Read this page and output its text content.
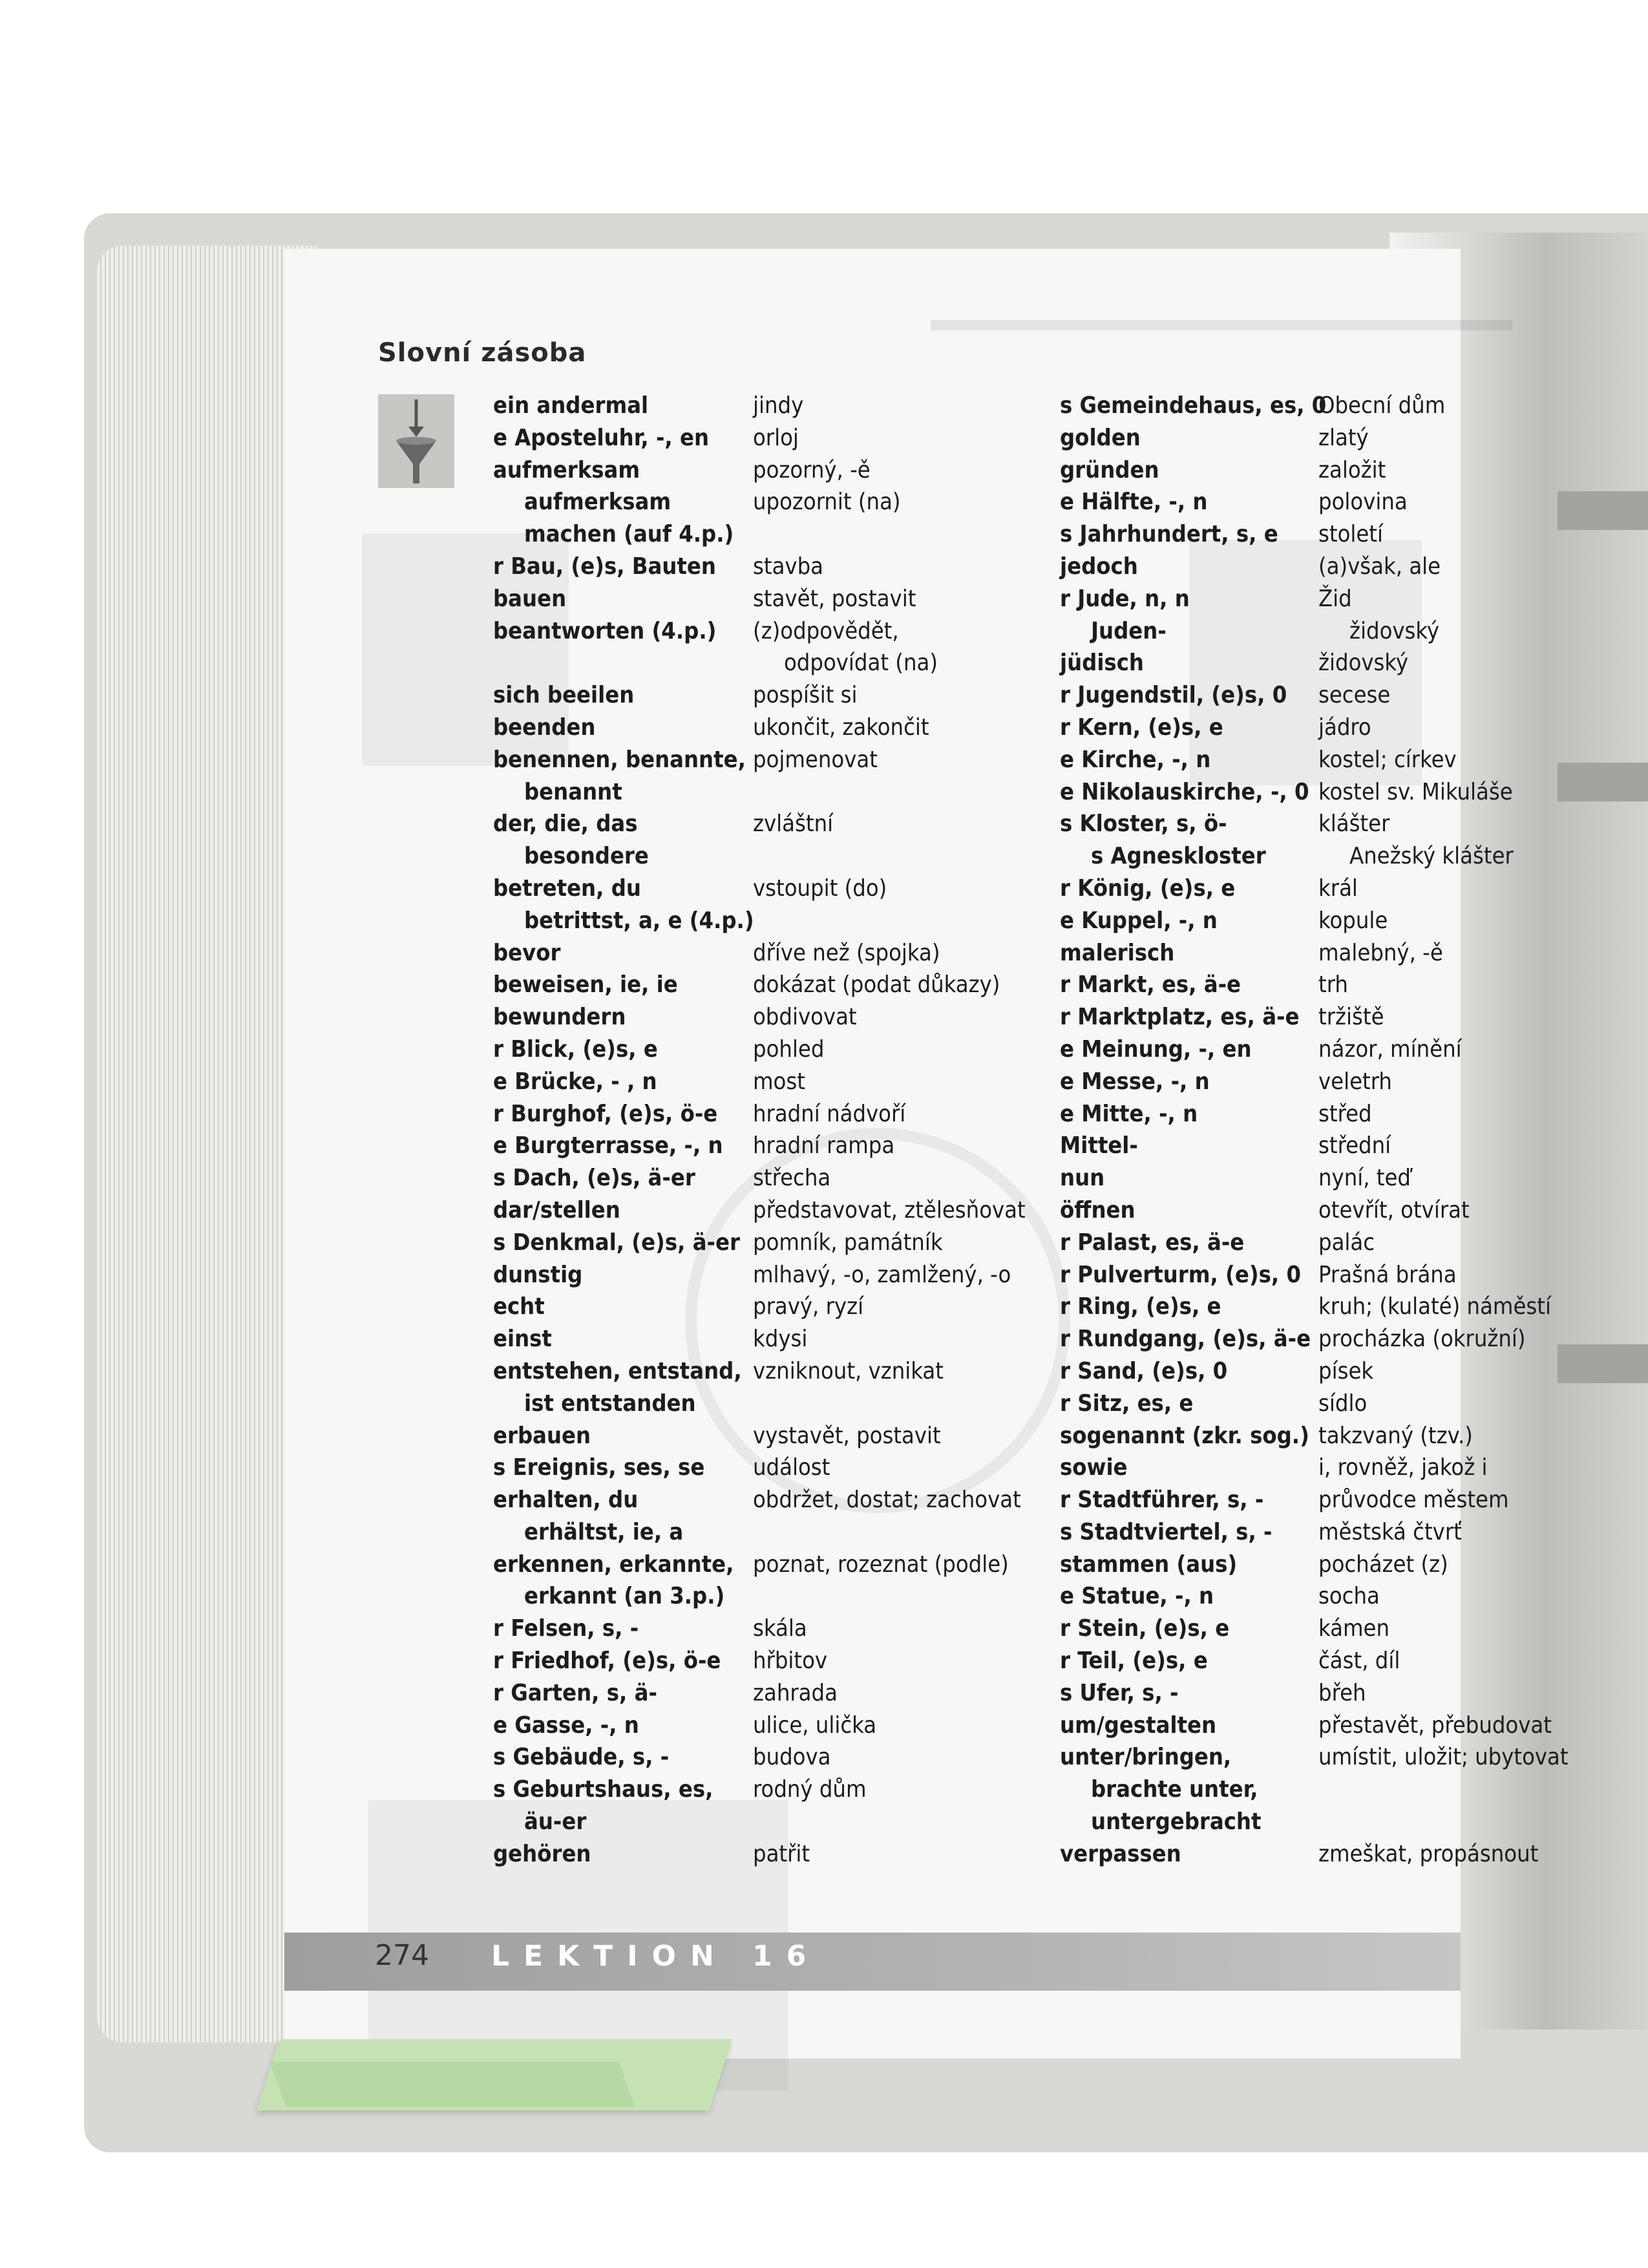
Slovní zásoba
ein andermal
e Aposteluhr, -, en
aufmerksam
aufmerksam
machen (auf 4.p.)
r Bau, (e)s, Bauten
bauen
beantworten (4.p.)
sich beeilen
beenden
benennen, benannte,
benannt
der, die, das
besondere
betreten, du
betrittst, a, e (4.p.)
bevor
beweisen, ie, ie
bewundern
r Blick, (e)s, e
e Brücke, - , n
r Burghof, (e)s, ö-e
e Burgterrasse, -, n
s Dach, (e)s, ä-er
dar/stellen
s Denkmal, (e)s, ä-er
dunstig
echt
einst
entstehen, entstand,
ist entstanden
erbauen
s Ereignis, ses, se
erhalten, du
erhältst, ie, a
erkennen, erkannte,
erkannt (an 3.p.)
r Felsen, s, -
r Friedhof, (e)s, ö-e
r Garten, s, ä-
e Gasse, -, n
s Gebäude, s, -
s Geburtshaus, es,
äu-er
gehören
jindy
orloj
pozorný, -ě
upozornit (na)
stavba
stavět, postavit
(z)odpovědět,
odpovídat (na)
pospíšit si
ukončit, zakončit
pojmenovat
zvláštní
vstoupit (do)
dříve než (spojka)
dokázat (podat důkazy)
obdivovat
pohled
most
hradní nádvoří
hradní rampa
střecha
představovat, ztělesňovat
pomník, památník
mlhavý, -o, zamlžený, -o
pravý, ryzí
kdysi
vzniknout, vznikat
vystavět, postavit
událost
obdržet, dostat; zachovat
poznat, rozeznat (podle)
skála
hřbitov
zahrada
ulice, ulička
budova
rodný dům
patřit
s Gemeindehaus, es, 0
golden
gründen
e Hälfte, -, n
s Jahrhundert, s, e
jedoch
r Jude, n, n
Juden-
jüdisch
r Jugendstil, (e)s, 0
r Kern, (e)s, e
e Kirche, -, n
e Nikolauskirche, -, 0
s Kloster, s, ö-
s Agneskloster
r König, (e)s, e
e Kuppel, -, n
malerisch
r Markt, es, ä-e
r Marktplatz, es, ä-e
e Meinung, -, en
e Messe, -, n
e Mitte, -, n
Mittel-
nun
öffnen
r Palast, es, ä-e
r Pulverturm, (e)s, 0
r Ring, (e)s, e
r Rundgang, (e)s, ä-e
r Sand, (e)s, 0
r Sitz, es, e
sogenannt (zkr. sog.)
sowie
r Stadtführer, s, -
s Stadtviertel, s, -
stammen (aus)
e Statue, -, n
r Stein, (e)s, e
r Teil, (e)s, e
s Ufer, s, -
um/gestalten
unter/bringen,
brachte unter,
untergebracht
verpassen
Obecní dům
zlatý
založit
polovina
století
(a)však, ale
Žid
židovský
židovský
secese
jádro
kostel; církev
kostel sv. Mikuláše
klášter
Anežský klášter
král
kopule
malebný, -ě
trh
tržiště
názor, mínění
veletrh
střed
střední
nyní, teď
otevřít, otvírat
palác
Prašná brána
kruh; (kulaté) náměstí
procházka (okružní)
písek
sídlo
takzvaný (tzv.)
i, rovněž, jakož i
průvodce městem
městská čtvrť
pocházet (z)
socha
kámen
část, díl
břeh
přestavět, přebudovat
umístit, uložit; ubytovat
zmeškat, propásnout
274 LEKTION 16
